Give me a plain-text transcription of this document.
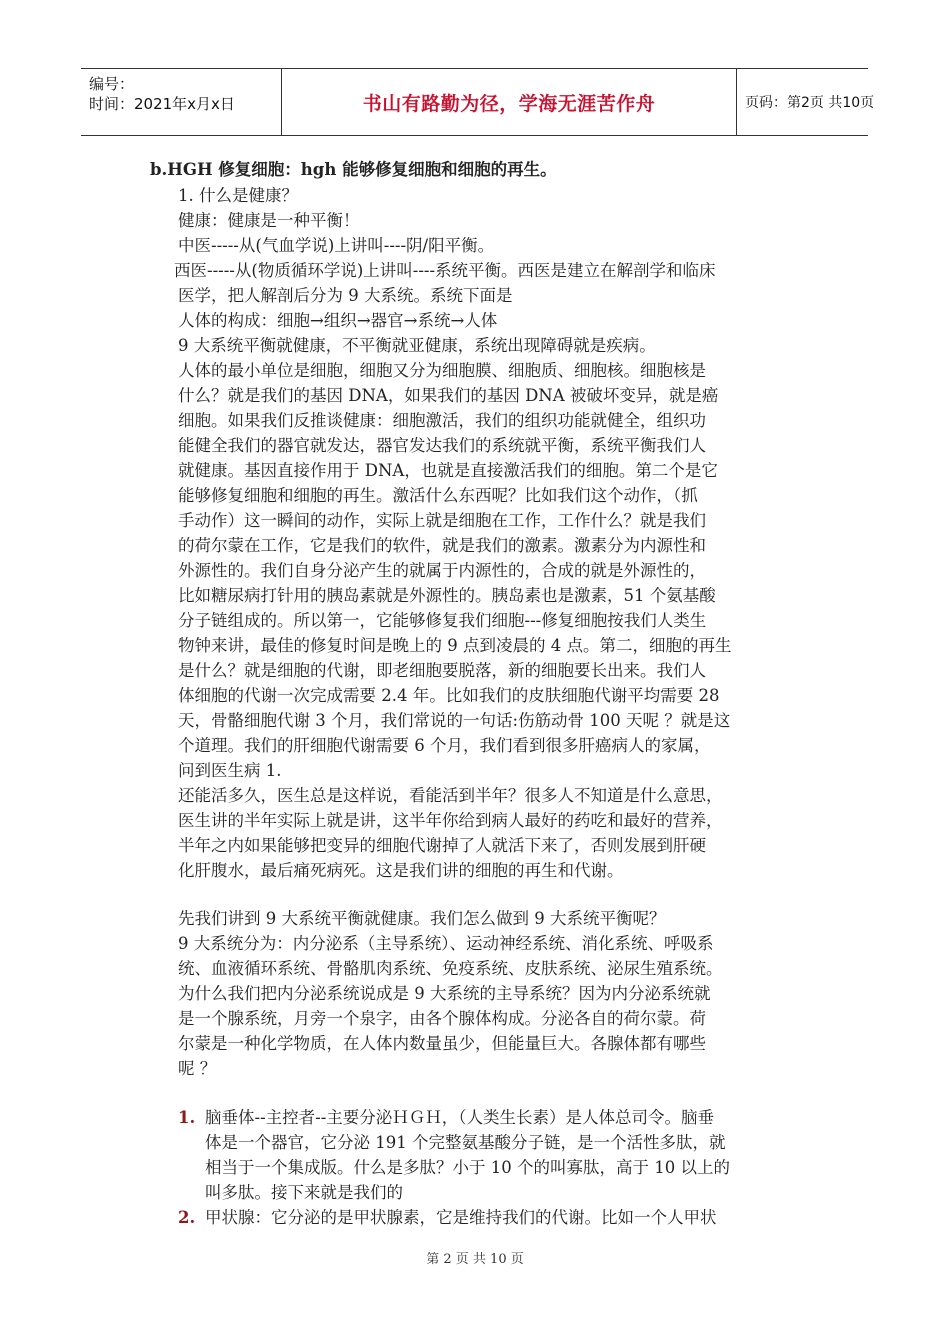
编号：
时间：2021年x月x日	书山有路勤为径，学海无涯苦作舟	页码：第2页 共10页
b.HGH 修复细胞：hgh 能够修复细胞和细胞的再生。
1. 什么是健康？
健康：健康是一种平衡！
中医-----从(气血学说)上讲叫----阴/阳平衡。
西医-----从(物质循环学说)上讲叫----系统平衡。西医是建立在解剖学和临床
医学，把人解剖后分为 9 大系统。系统下面是
人体的构成：细胞→组织→器官→系统→人体
9 大系统平衡就健康，不平衡就亚健康，系统出现障碍就是疾病。
人体的最小单位是细胞，细胞又分为细胞膜、细胞质、细胞核。细胞核是
什么？就是我们的基因 DNA，如果我们的基因 DNA 被破坏变异，就是癌
细胞。如果我们反推谈健康：细胞激活，我们的组织功能就健全，组织功
能健全我们的器官就发达，器官发达我们的系统就平衡，系统平衡我们人
就健康。基因直接作用于 DNA，也就是直接激活我们的细胞。第二个是它
能够修复细胞和细胞的再生。激活什么东西呢？比如我们这个动作，（抓
手动作）这一瞬间的动作，实际上就是细胞在工作，工作什么？就是我们
的荷尔蒙在工作，它是我们的软件，就是我们的激素。激素分为内源性和
外源性的。我们自身分泌产生的就属于内源性的，合成的就是外源性的，
比如糖尿病打针用的胰岛素就是外源性的。胰岛素也是激素，51 个氨基酸
分子链组成的。所以第一，它能够修复我们细胞---修复细胞按我们人类生
物钟来讲，最佳的修复时间是晚上的 9 点到凌晨的 4 点。第二，细胞的再生
是什么？就是细胞的代谢，即老细胞要脱落，新的细胞要长出来。我们人
体细胞的代谢一次完成需要 2.4 年。比如我们的皮肤细胞代谢平均需要 28
天，骨骼细胞代谢 3 个月，我们常说的一句话:伤筋动骨 100 天呢 ？就是这
个道理。我们的肝细胞代谢需要 6 个月，我们看到很多肝癌病人的家属，
问到医生病 1.
还能活多久，医生总是这样说，看能活到半年？很多人不知道是什么意思，
医生讲的半年实际上就是讲，这半年你给到病人最好的药吃和最好的营养，
半年之内如果能够把变异的细胞代谢掉了人就活下来了，否则发展到肝硬
化肝腹水，最后痛死病死。这是我们讲的细胞的再生和代谢。
先我们讲到 9 大系统平衡就健康。我们怎么做到 9 大系统平衡呢？
9 大系统分为：内分泌系（主导系统）、运动神经系统、消化系统、呼吸系
统、血液循环系统、骨骼肌肉系统、免疫系统、皮肤系统、泌尿生殖系统。
为什么我们把内分泌系统说成是 9 大系统的主导系统？因为内分泌系统就
是一个腺系统，月旁一个泉字，由各个腺体构成。分泌各自的荷尔蒙。荷
尔蒙是一种化学物质，在人体内数量虽少，但能量巨大。各腺体都有哪些
呢 ？
1. 脑垂体--主控者--主要分泌ＨＧＨ，（人类生长素）是人体总司令。脑垂
体是一个器官，它分泌 191 个完整氨基酸分子链，是一个活性多肽，就
相当于一个集成版。什么是多肽？小于 10 个的叫寡肽，高于 10 以上的
叫多肽。接下来就是我们的
2. 甲状腺：它分泌的是甲状腺素，它是维持我们的代谢。比如一个人甲状
第 2 页 共 10 页
